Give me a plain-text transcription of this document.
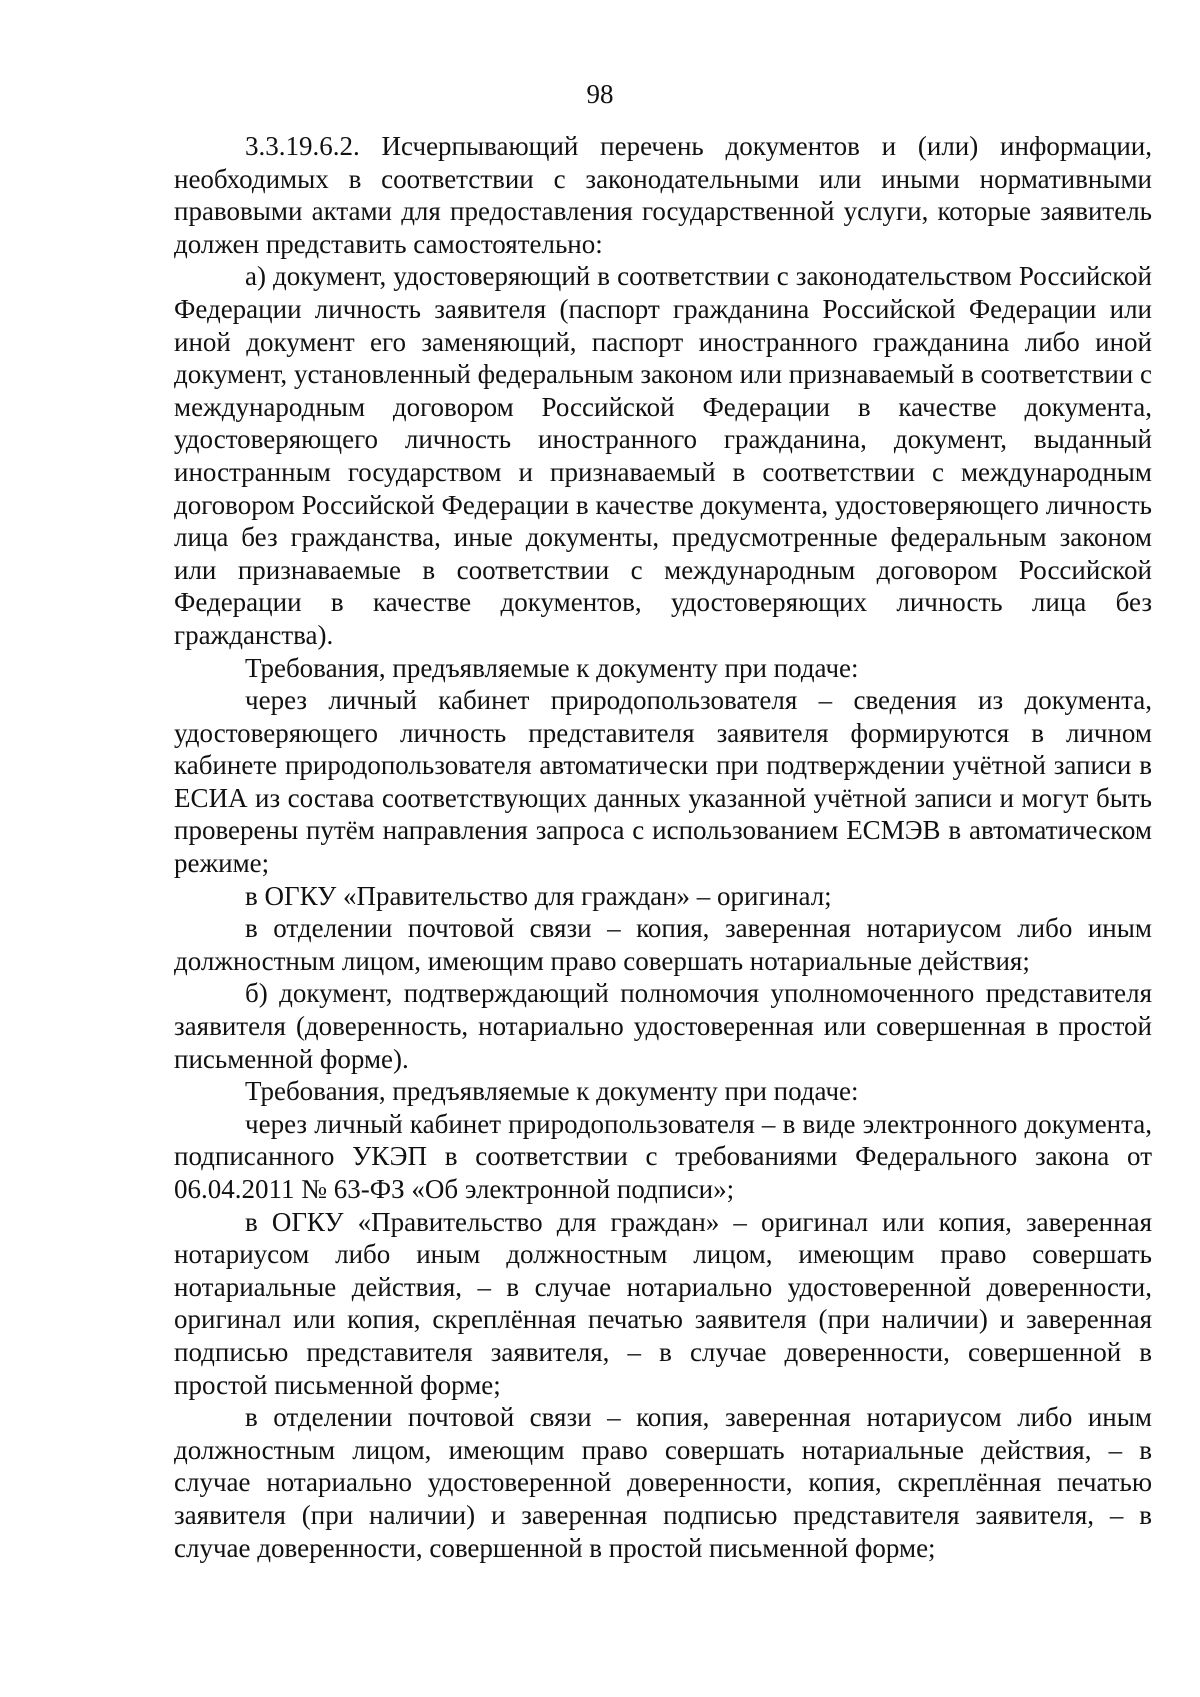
98

3.3.19.6.2. Исчерпывающий перечень документов и (или) информации, необходимых в соответствии с законодательными или иными нормативными правовыми актами для предоставления государственной услуги, которые заявитель должен представить самостоятельно:

а) документ, удостоверяющий в соответствии с законодательством Российской Федерации личность заявителя (паспорт гражданина Российской Федерации или иной документ его заменяющий, паспорт иностранного гражданина либо иной документ, установленный федеральным законом или признаваемый в соответствии с международным договором Российской Федерации в качестве документа, удостоверяющего личность иностранного гражданина, документ, выданный иностранным государством и признаваемый в соответствии с международным договором Российской Федерации в качестве документа, удостоверяющего личность лица без гражданства, иные документы, предусмотренные федеральным законом или признаваемые в соответствии с международным договором Российской Федерации в качестве документов, удостоверяющих личность лица без гражданства).

Требования, предъявляемые к документу при подаче:

через личный кабинет природопользователя – сведения из документа, удостоверяющего личность представителя заявителя формируются в личном кабинете природопользователя автоматически при подтверждении учётной записи в ЕСИА из состава соответствующих данных указанной учётной записи и могут быть проверены путём направления запроса с использованием ЕСМЭВ в автоматическом режиме;

в ОГКУ «Правительство для граждан» – оригинал;

в отделении почтовой связи – копия, заверенная нотариусом либо иным должностным лицом, имеющим право совершать нотариальные действия;

б) документ, подтверждающий полномочия уполномоченного представителя заявителя (доверенность, нотариально удостоверенная или совершенная в простой письменной форме).

Требования, предъявляемые к документу при подаче:

через личный кабинет природопользователя – в виде электронного документа, подписанного УКЭП в соответствии с требованиями Федерального закона от 06.04.2011 № 63-ФЗ «Об электронной подписи»;

в ОГКУ «Правительство для граждан» – оригинал или копия, заверенная нотариусом либо иным должностным лицом, имеющим право совершать нотариальные действия, – в случае нотариально удостоверенной доверенности, оригинал или копия, скреплённая печатью заявителя (при наличии) и заверенная подписью представителя заявителя, – в случае доверенности, совершенной в простой письменной форме;

в отделении почтовой связи – копия, заверенная нотариусом либо иным должностным лицом, имеющим право совершать нотариальные действия, – в случае нотариально удостоверенной доверенности, копия, скреплённая печатью заявителя (при наличии) и заверенная подписью представителя заявителя, – в случае доверенности, совершенной в простой письменной форме;
